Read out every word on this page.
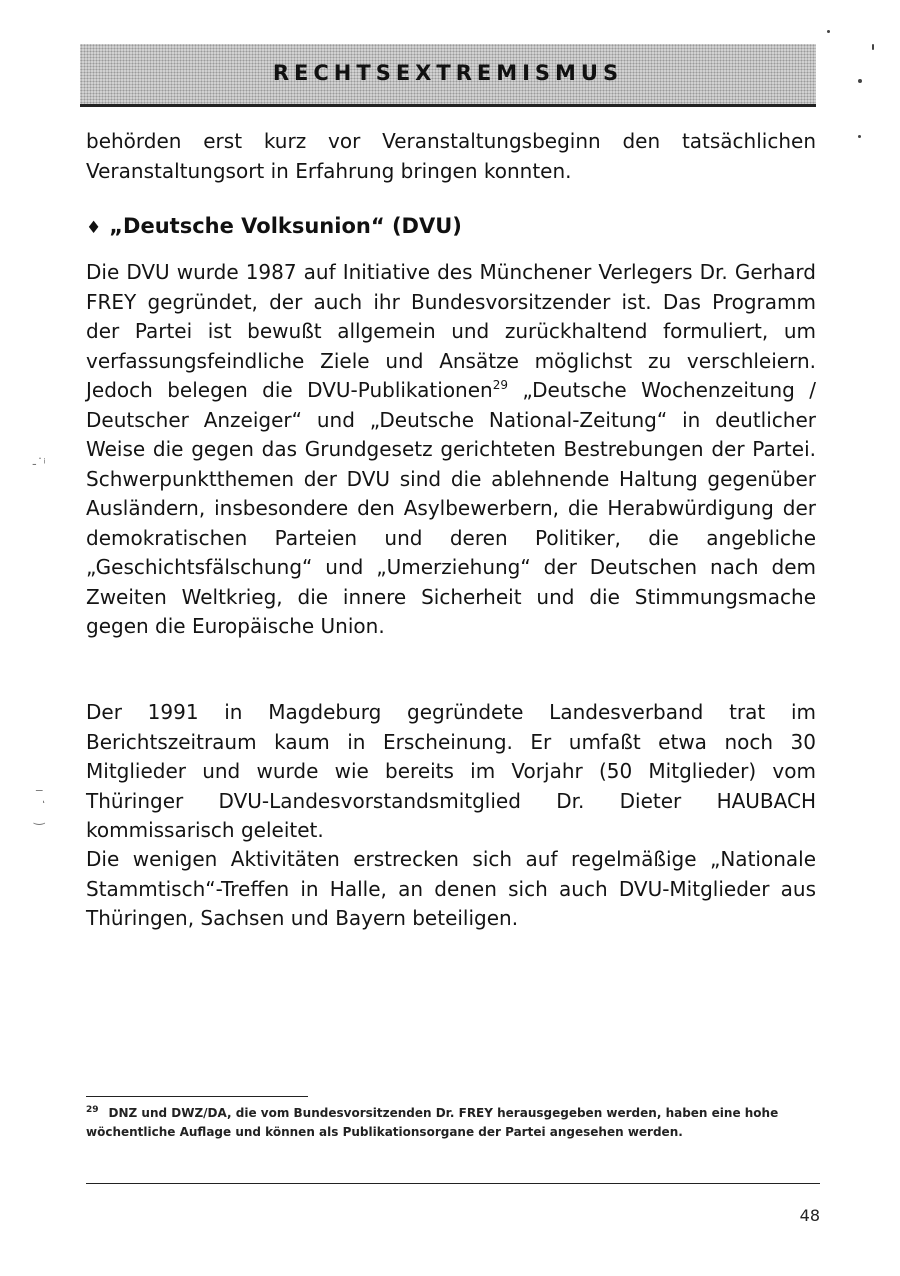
RECHTSEXTREMISMUS

behörden erst kurz vor Veranstaltungsbeginn den tatsächlichen Veranstaltungsort in Erfahrung bringen konnten.

♦ „Deutsche Volksunion“ (DVU)

Die DVU wurde 1987 auf Initiative des Münchener Verlegers Dr. Gerhard FREY gegründet, der auch ihr Bundesvorsitzender ist. Das Programm der Partei ist bewußt allgemein und zurückhaltend formuliert, um verfassungsfeindliche Ziele und Ansätze möglichst zu verschleiern. Jedoch belegen die DVU-Publikationen$^{29}$ „Deutsche Wochenzeitung / Deutscher Anzeiger“ und „Deutsche National-Zeitung“ in deutlicher Weise die gegen das Grundgesetz gerichteten Bestrebungen der Partei. Schwerpunktthemen der DVU sind die ablehnende Haltung gegenüber Ausländern, insbesondere den Asylbewerbern, die Herabwürdigung der demokratischen Parteien und deren Politiker, die angebliche „Geschichtsfälschung“ und „Umerziehung“ der Deutschen nach dem Zweiten Weltkrieg, die innere Sicherheit und die Stimmungsmache gegen die Europäische Union.

Der 1991 in Magdeburg gegründete Landesverband trat im Berichtszeitraum kaum in Erscheinung. Er umfaßt etwa noch 30 Mitglieder und wurde wie bereits im Vorjahr (50 Mitglieder) vom Thüringer DVU-Landesvorstandsmitglied Dr. Dieter HAUBACH kommissarisch geleitet.

Die wenigen Aktivitäten erstrecken sich auf regelmäßige „Nationale Stammtisch“-Treffen in Halle, an denen sich auch DVU-Mitglieder aus Thüringen, Sachsen und Bayern beteiligen.

$^{29}$ DNZ und DWZ/DA, die vom Bundesvorsitzenden Dr. FREY herausgegeben werden, haben eine hohe wöchentliche Auflage und können als Publikationsorgane der Partei angesehen werden.

48
-˙ⁱ
‾ ͅ
‿
